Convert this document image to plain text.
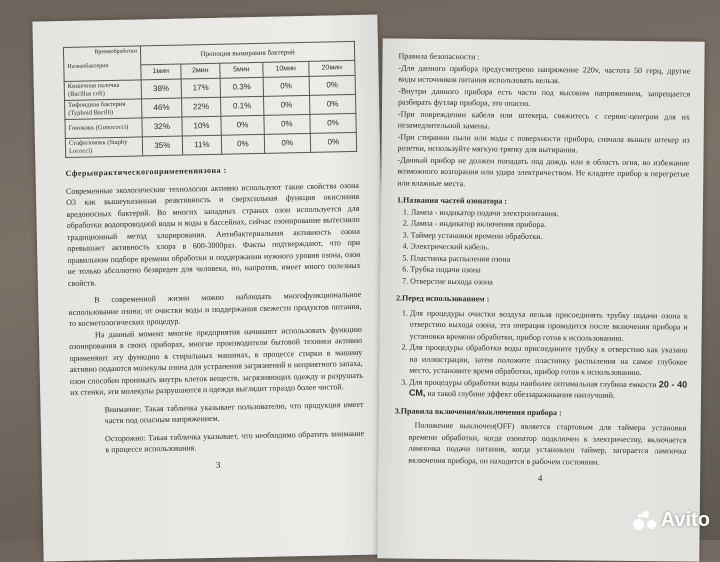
Времяобработки
Названбактерии	Пропоция вымирания бактерий				
	1мин	2мин	5мин	10мин	20мин
Кишечная палочка (Bacillus coli)	38%	17%	0.3%	0%	0%
Тифоидная бактерия (Typhoid Bacilli)	46%	22%	0.1%	0%	0%
Гонококк (Gonococci)	32%	10%	0%	0%	0%
Стафилококк (Staphy Lococci)	35%	11%	0%	0%	0%
Сферыпрактическогоприменениязона :
Современные экологические технологии активно используют такие свойства озона O3 как вышеуказанная реактивность и сверхсильная функция окисления вредоносных бактерий. Во многих западных странах озон используется для обработки водопроводной воды и воды в бассейнах, сейчас озонирование вытеснило традиционный метод хлорирования. Антибактериальная активность озона превышает активность хлора в 600-3000раз. Факты подтверждают, что при правильном подборе времени обработки и поддержании нужного уровня озона, озон не только абсолютно безвреден для человека, но, напротив, имеет много полезных свойств.
В современной жизни можно наблюдать многофункциональное использование озона; от очистки воды и поддержания свежести продуктов питания, то косметологических процедур.
На данный момент многие предприятия начинают использовать функцию озонирования в своих приборах, многие производители бытовой техники активно применяют эту функцию в стиральных машинах, в процессе стирки в машину активно подаются молекулы озона для устранения загрязнений и неприятного запаха, озон способен проникать внутрь клеток веществ, загрязняющих одежду и разрушать их стенки, эти молекулы разрушаются и одежда выглядит гораздо более чистой.
Внимание: Такая табличка указывает пользователю, что продукция имеет части под опасным напряжением.
Осторожно: Такая табличка указывает, что необходимо обратить внимание в процессе использования.
3
Правила безопасности :
-Для данного прибора предусмотрено напряжение 220v, частота 50 герц, другие виды источников питания использовать нельзя.
-Внутри данного прибора есть части под высоким напряжением, запрещается разбирать футляр прибора, это опасно.
-При повреждении кабеля или штекера, свяжитесь с сервис-центром для их незамедлительной замены.
-При стирании пыли или воды с поверхности прибора, сначала выньте штекер из розетки, используйте мягкую тряпку для вытирания.
-Данный прибор не должен попадать под дождь или в область огня, во избежание возможного возгорания или удара электричеством. Не кладите прибор в перегретые или влажные места.
1.Названия частей озонатора :
1. Лампа - индикатор подачи электропитания.
2. Лампа - индикатор включения прибора.
3. Таймер установки времени обработки.
4. Электрический кабель.
5. Пластинка распыления озона
6. Трубка подачи озона
7. Отверстие выхода озона
2.Перед использованием :
1. Для процедуры очистки воздуха нельзя присоединять трубку подачи озона к отверстию выхода озона, эта операция проводится после включения прибора и установки времени обработки, прибор готов к использованию.
2. Для процедуры обработки воды присоедините трубку к отверстию как указано на иллюстрации, затем положите пластинку распыления на самое глубокое место, установите время обработки, прибор готов к использованию.
3. Для процедуры обработки воды наиболее оптимальная глубина емкости 20 - 40 СМ, на такой глубине эффект обеззараживания наилучший.
3.Правила включения/выключения прибора :
Положение выключен(OFF) является стартовым для таймера установки времени обработки, когда озонатор подключен к электричеству, включается лампочка подачи питания, когда установлен таймер, загорается лампочка включения прибора, он находится в рабочем состоянии.
4
Avito
